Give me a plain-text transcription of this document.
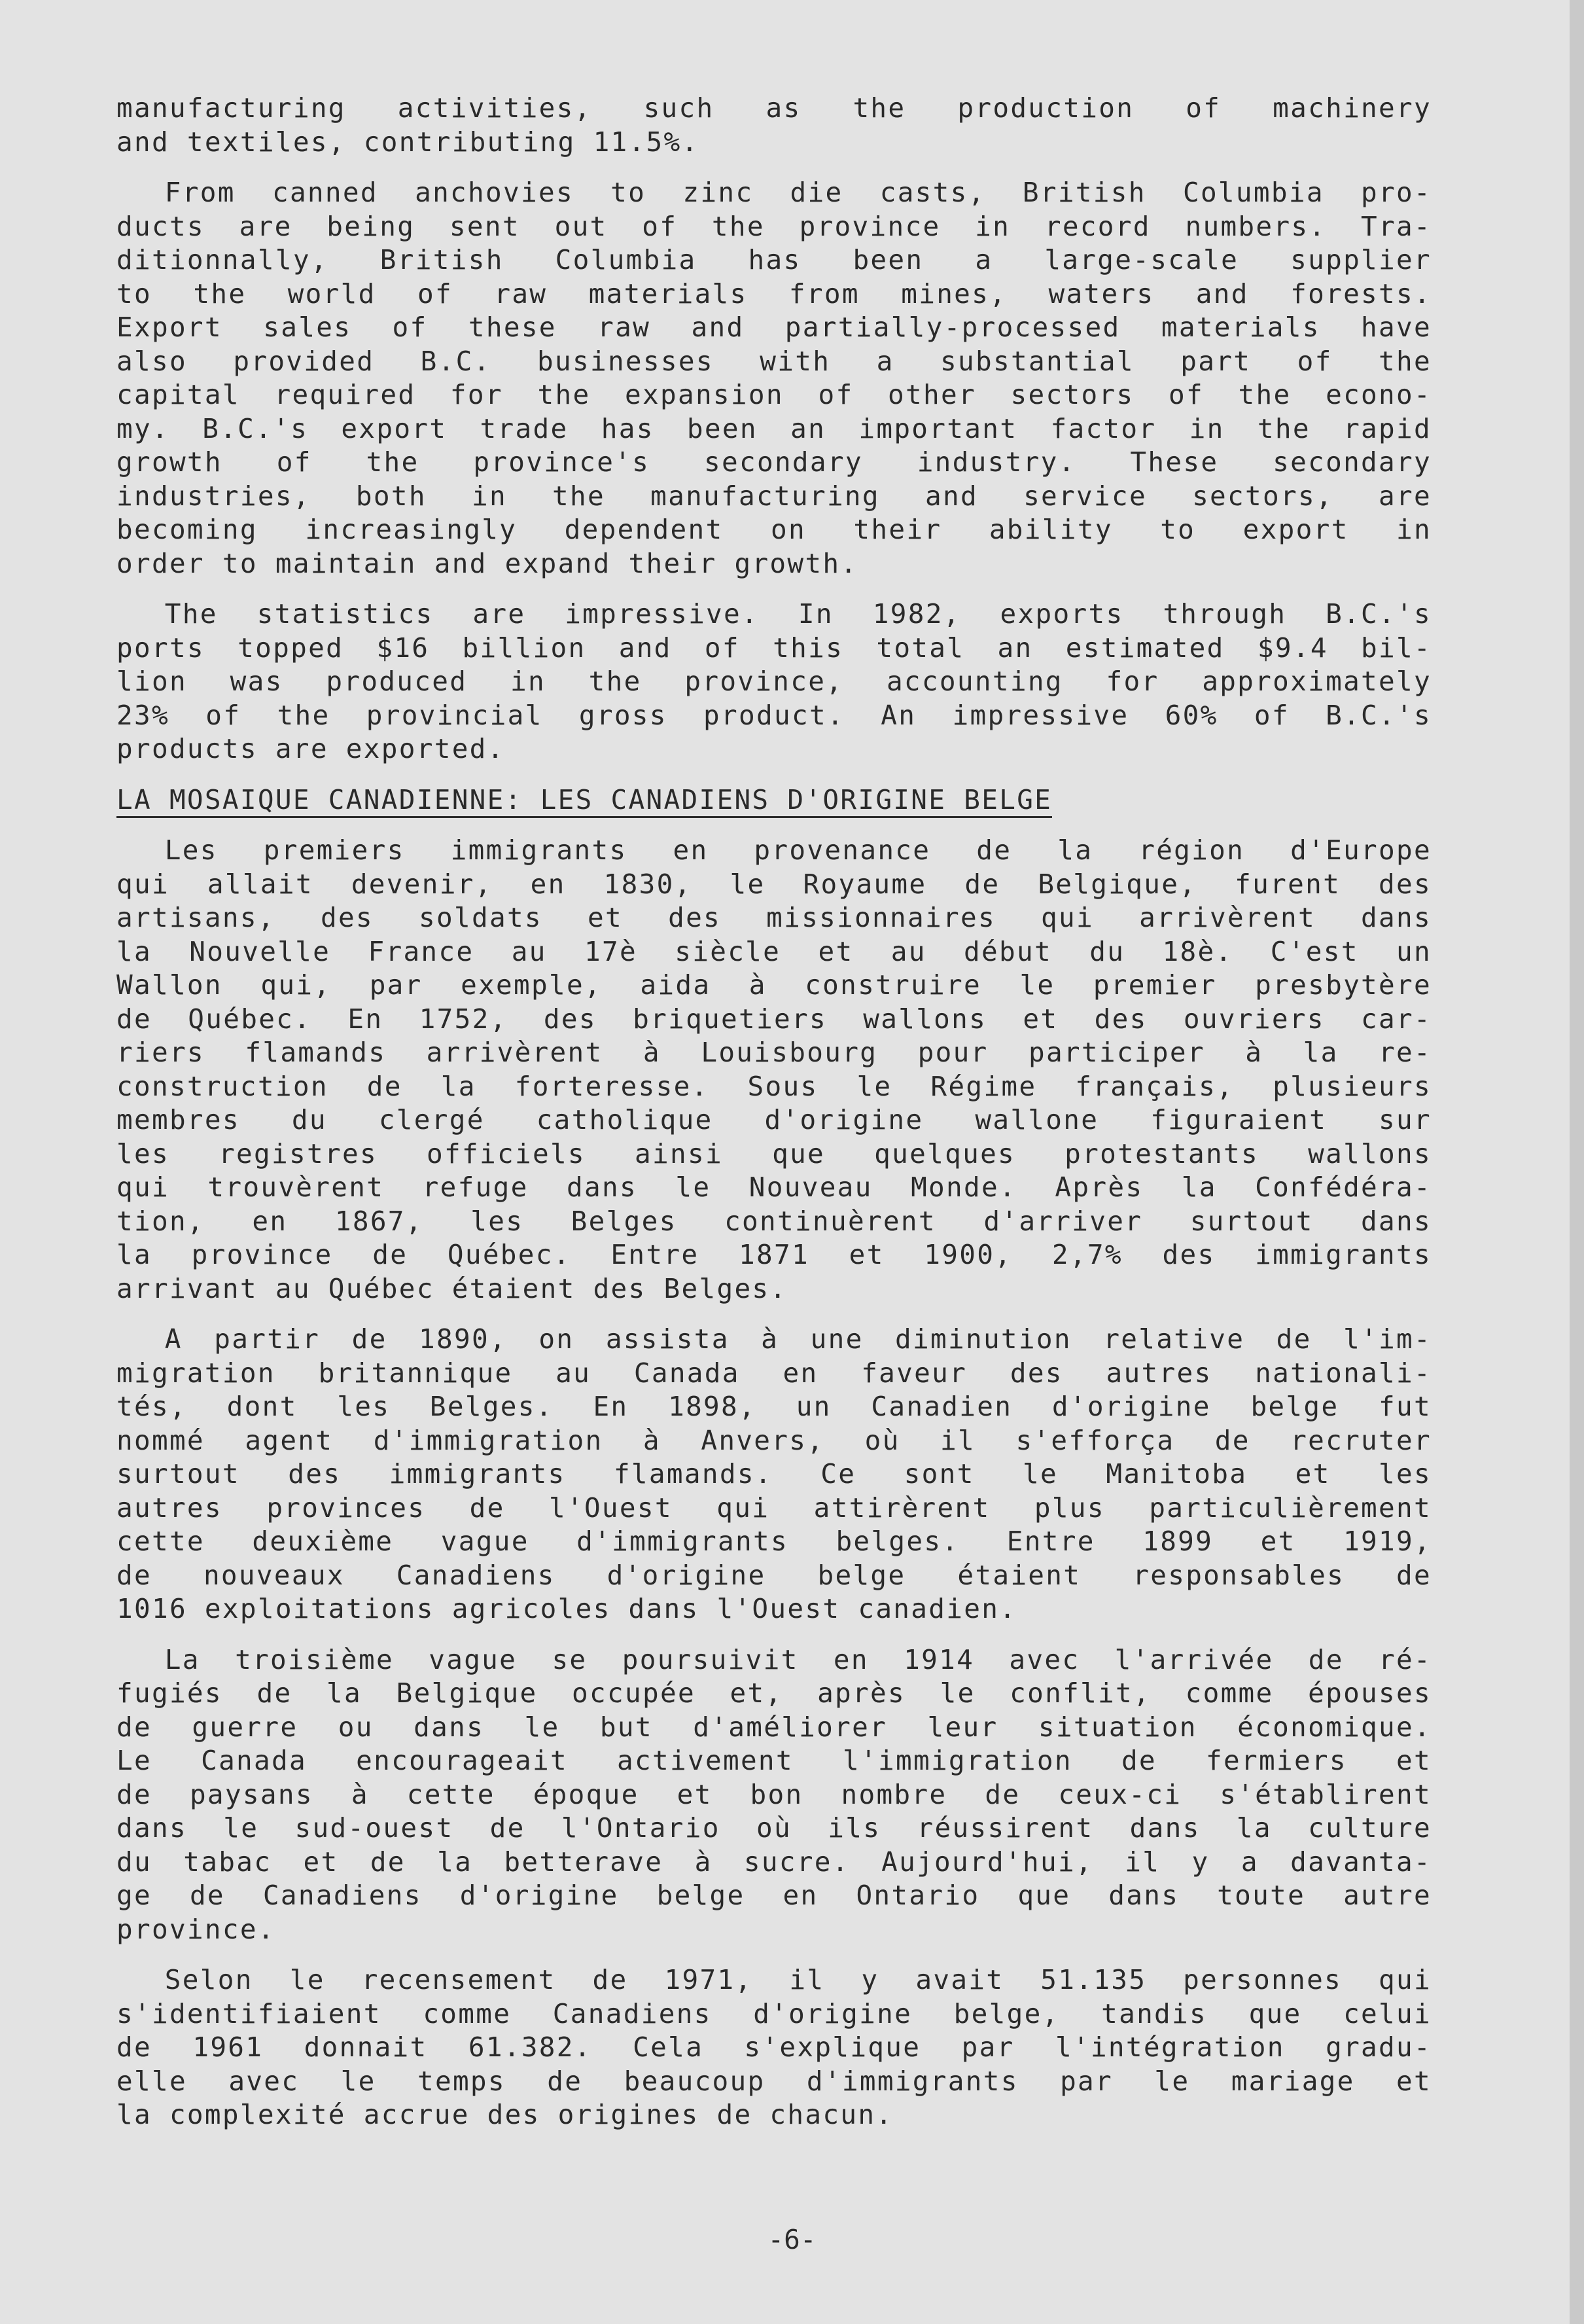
manufacturing activities, such as the production of machinery
and textiles, contributing 11.5%.
From canned anchovies to zinc die casts, British Columbia pro-
ducts are being sent out of the province in record numbers. Tra-
ditionnally, British Columbia has been a large-scale supplier
to the world of raw materials from mines, waters and forests.
Export sales of these raw and partially-processed materials have
also provided B.C. businesses with a substantial part of the
capital required for the expansion of other sectors of the econo-
my. B.C.'s export trade has been an important factor in the rapid
growth of the province's secondary industry. These secondary
industries, both in the manufacturing and service sectors, are
becoming increasingly dependent on their ability to export in
order to maintain and expand their growth.
The statistics are impressive. In 1982, exports through B.C.'s
ports topped $16 billion and of this total an estimated $9.4 bil-
lion was produced in the province, accounting for approximately
23% of the provincial gross product. An impressive 60% of B.C.'s
products are exported.
LA MOSAIQUE CANADIENNE: LES CANADIENS D'ORIGINE BELGE
Les premiers immigrants en provenance de la région d'Europe
qui allait devenir, en 1830, le Royaume de Belgique, furent des
artisans, des soldats et des missionnaires qui arrivèrent dans
la Nouvelle France au 17è siècle et au début du 18è. C'est un
Wallon qui, par exemple, aida à construire le premier presbytère
de Québec. En 1752, des briquetiers wallons et des ouvriers car-
riers flamands arrivèrent à Louisbourg pour participer à la re-
construction de la forteresse. Sous le Régime français, plusieurs
membres du clergé catholique d'origine wallone figuraient sur
les registres officiels ainsi que quelques protestants wallons
qui trouvèrent refuge dans le Nouveau Monde. Après la Confédéra-
tion, en 1867, les Belges continuèrent d'arriver surtout dans
la province de Québec. Entre 1871 et 1900, 2,7% des immigrants
arrivant au Québec étaient des Belges.
A partir de 1890, on assista à une diminution relative de l'im-
migration britannique au Canada en faveur des autres nationali-
tés, dont les Belges. En 1898, un Canadien d'origine belge fut
nommé agent d'immigration à Anvers, où il s'efforça de recruter
surtout des immigrants flamands. Ce sont le Manitoba et les
autres provinces de l'Ouest qui attirèrent plus particulièrement
cette deuxième vague d'immigrants belges. Entre 1899 et 1919,
de nouveaux Canadiens d'origine belge étaient responsables de
1016 exploitations agricoles dans l'Ouest canadien.
La troisième vague se poursuivit en 1914 avec l'arrivée de ré-
fugiés de la Belgique occupée et, après le conflit, comme épouses
de guerre ou dans le but d'améliorer leur situation économique.
Le Canada encourageait activement l'immigration de fermiers et
de paysans à cette époque et bon nombre de ceux-ci s'établirent
dans le sud-ouest de l'Ontario où ils réussirent dans la culture
du tabac et de la betterave à sucre. Aujourd'hui, il y a davanta-
ge de Canadiens d'origine belge en Ontario que dans toute autre
province.
Selon le recensement de 1971, il y avait 51.135 personnes qui
s'identifiaient comme Canadiens d'origine belge, tandis que celui
de 1961 donnait 61.382. Cela s'explique par l'intégration gradu-
elle avec le temps de beaucoup d'immigrants par le mariage et
la complexité accrue des origines de chacun.
-6-
